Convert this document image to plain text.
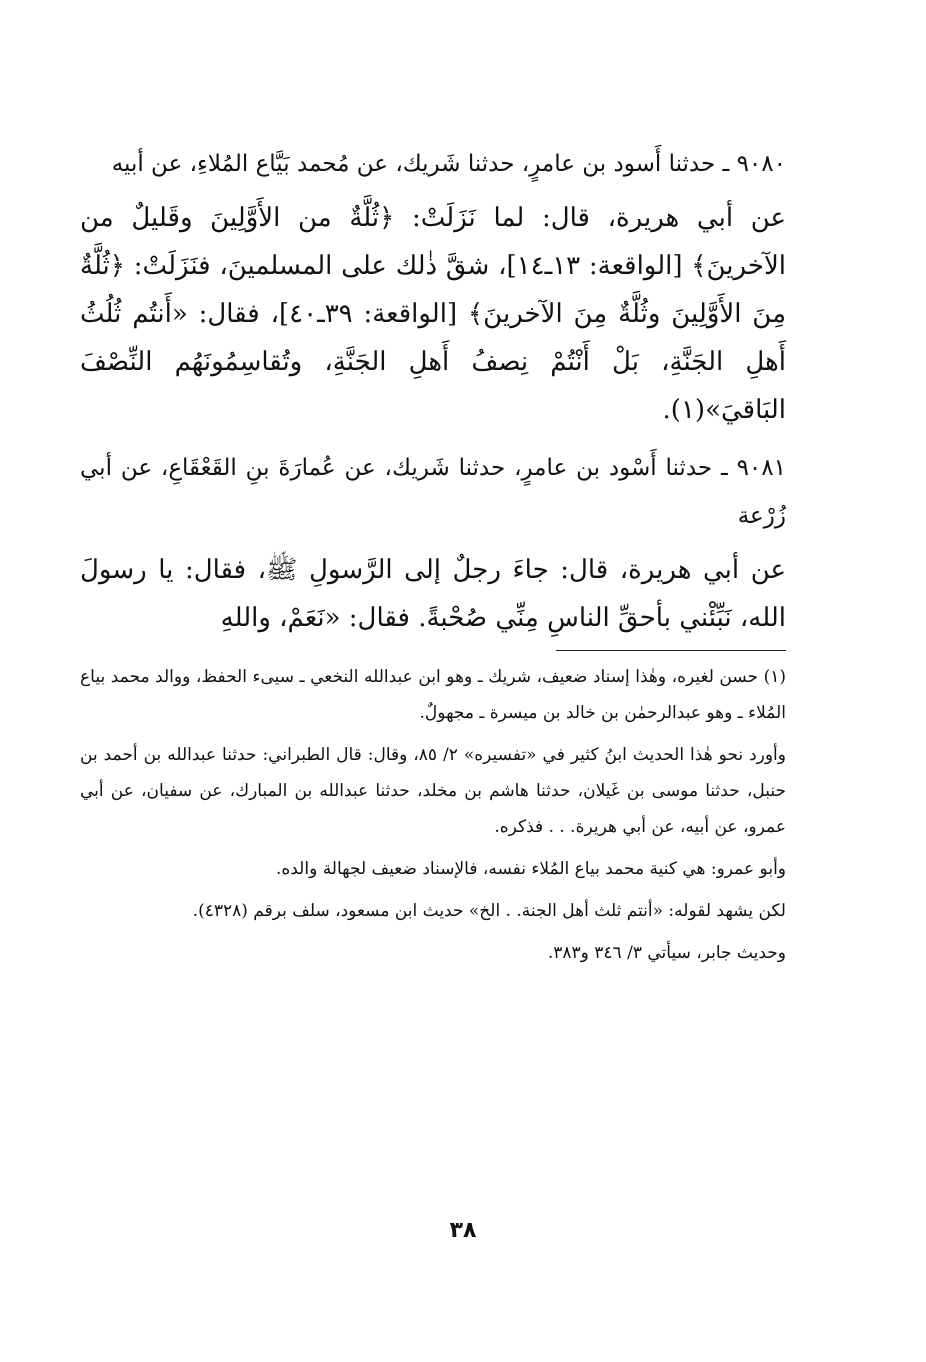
٩٠٨٠ ـ حدثنا أَسود بن عامرٍ، حدثنا شَريك، عن مُحمد بَيَّاع المُلاءِ، عن أبيه

عن أبي هريرة، قال: لما نَزَلَتْ: ﴿ثُلَّةٌ من الأَوَّلِينَ وقَليلٌ من الآخرينَ﴾ [الواقعة: ١٣ـ١٤]، شقَّ ذٰلك على المسلمينَ، فنَزَلَتْ: ﴿ثُلَّةٌ مِنَ الأَوَّلِينَ وثُلَّةٌ مِنَ الآخرينَ﴾ [الواقعة: ٣٩ـ٤٠]، فقال: «أَنتُم ثُلُثُ أَهلِ الجَنَّةِ، بَلْ أَنْتُمْ نِصفُ أَهلِ الجَنَّةِ، وتُقاسِمُونَهُم النِّصْفَ البَاقيَ»(١).

٩٠٨١ ـ حدثنا أَسْود بن عامرٍ، حدثنا شَريك، عن عُمارَةَ بنِ القَعْقَاعِ، عن أبي زُرْعة

عن أبي هريرة، قال: جاءَ رجلٌ إلى الرَّسولِ ﷺ، فقال: يا رسولَ الله، نَبِّئْني بأحقِّ الناسِ مِنِّي صُحْبةً. فقال: «نَعَمْ، واللهِ

(١) حسن لغيره، وهٰذا إسناد ضعيف، شريك ـ وهو ابن عبدالله النخعي ـ سيىء الحفظ، ووالد محمد بياع المُلاء ـ وهو عبدالرحمٰن بن خالد بن ميسرة ـ مجهولٌ.

وأورد نحو هٰذا الحديث ابنُ كثير في «تفسيره» ٢/ ٨٥، وقال: قال الطبراني: حدثنا عبدالله بن أحمد بن حنبل، حدثنا موسى بن غَيلان، حدثنا هاشم بن مخلد، حدثنا عبدالله بن المبارك، عن سفيان، عن أبي عمرو، عن أبيه، عن أبي هريرة. . . فذكره.

وأبو عمرو: هي كنية محمد بياع المُلاء نفسه، فالإسناد ضعيف لجهالة والده.

لكن يشهد لقوله: «أنتم ثلث أهل الجنة. . الخ» حديث ابن مسعود، سلف برقم (٤٣٢٨).

وحديث جابر، سيأتي ٣/ ٣٤٦ و٣٨٣.

٣٨
